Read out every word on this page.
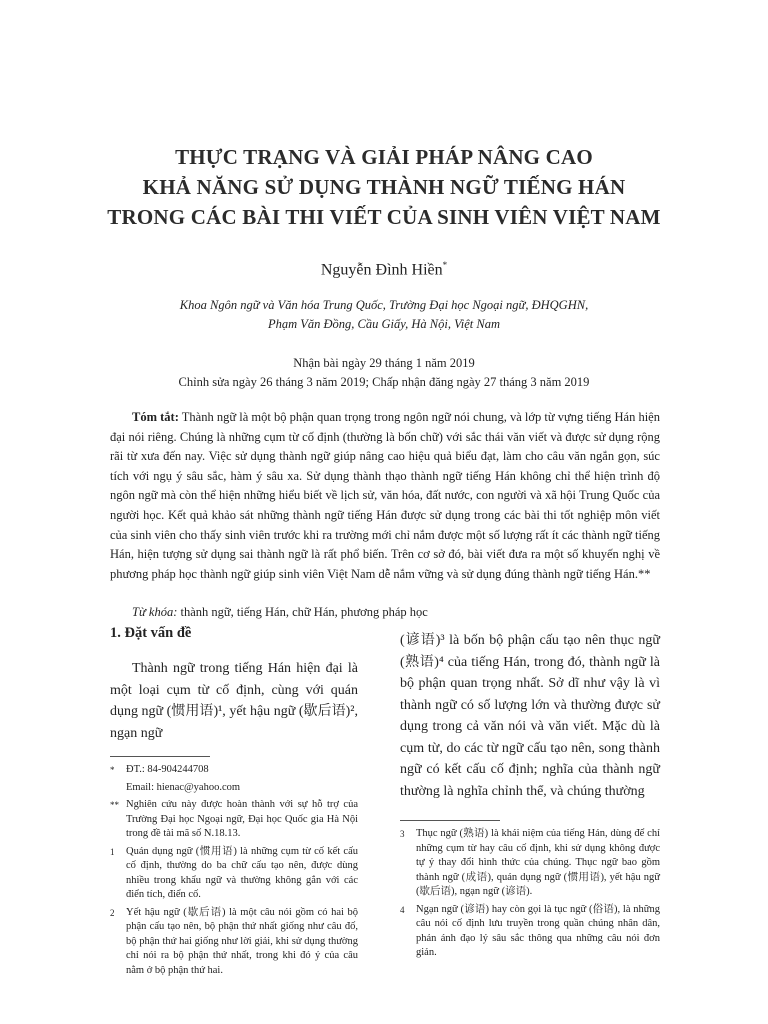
THỰC TRẠNG VÀ GIẢI PHÁP NÂNG CAO
KHẢ NĂNG SỬ DỤNG THÀNH NGỮ TIẾNG HÁN
TRONG CÁC BÀI THI VIẾT CỦA SINH VIÊN VIỆT NAM
Nguyễn Đình Hiền*
Khoa Ngôn ngữ và Văn hóa Trung Quốc, Trường Đại học Ngoại ngữ, ĐHQGHN,
Phạm Văn Đồng, Cầu Giấy, Hà Nội, Việt Nam
Nhận bài ngày 29 tháng 1 năm 2019
Chỉnh sửa ngày 26 tháng 3 năm 2019; Chấp nhận đăng ngày 27 tháng 3 năm 2019
Tóm tắt: Thành ngữ là một bộ phận quan trọng trong ngôn ngữ nói chung, và lớp từ vựng tiếng Hán hiện đại nói riêng. Chúng là những cụm từ cố định (thường là bốn chữ) với sắc thái văn viết và được sử dụng rộng rãi từ xưa đến nay. Việc sử dụng thành ngữ giúp nâng cao hiệu quả biểu đạt, làm cho câu văn ngắn gọn, súc tích với ngụ ý sâu sắc, hàm ý sâu xa. Sử dụng thành thạo thành ngữ tiếng Hán không chỉ thể hiện trình độ ngôn ngữ mà còn thể hiện những hiểu biết về lịch sử, văn hóa, đất nước, con người và xã hội Trung Quốc của người học. Kết quả khảo sát những thành ngữ tiếng Hán được sử dụng trong các bài thi tốt nghiệp môn viết của sinh viên cho thấy sinh viên trước khi ra trường mới chỉ nắm được một số lượng rất ít các thành ngữ tiếng Hán, hiện tượng sử dụng sai thành ngữ là rất phổ biến. Trên cơ sở đó, bài viết đưa ra một số khuyến nghị về phương pháp học thành ngữ giúp sinh viên Việt Nam dễ nắm vững và sử dụng đúng thành ngữ tiếng Hán.**
Từ khóa: thành ngữ, tiếng Hán, chữ Hán, phương pháp học
1. Đặt vấn đề
Thành ngữ trong tiếng Hán hiện đại là một loại cụm từ cố định, cùng với quán dụng ngữ (惯用语)¹, yết hậu ngữ (歇后语)², ngạn ngữ
* ĐT.: 84-904244708
Email: hienac@yahoo.com
** Nghiên cứu này được hoàn thành với sự hỗ trợ của Trường Đại học Ngoại ngữ, Đại học Quốc gia Hà Nội trong đề tài mã số N.18.13.
1 Quán dụng ngữ (惯用语) là những cụm từ cố kết cấu cố định, thường do ba chữ cấu tạo nên, được dùng nhiều trong khẩu ngữ và thường không gắn với các điển tích, điển cố.
2 Yết hậu ngữ (歇后语) là một câu nói gồm có hai bộ phận cấu tạo nên, bộ phận thứ nhất giống như câu đố, bộ phận thứ hai giống như lời giải, khi sử dụng thường chỉ nói ra bộ phận thứ nhất, trong khi đó ý của câu nằm ở bộ phận thứ hai.
(谚语)³ là bốn bộ phận cấu tạo nên thục ngữ (熟语)⁴ của tiếng Hán, trong đó, thành ngữ là bộ phận quan trọng nhất. Sở dĩ như vậy là vì thành ngữ có số lượng lớn và thường được sử dụng trong cả văn nói và văn viết. Mặc dù là cụm từ, do các từ ngữ cấu tạo nên, song thành ngữ có kết cấu cố định; nghĩa của thành ngữ thường là nghĩa chỉnh thể, và chúng thường
3 Thục ngữ (熟语) là khái niệm của tiếng Hán, dùng để chỉ những cụm từ hay câu cố định, khi sử dụng không được tự ý thay đổi hình thức của chúng. Thục ngữ bao gồm thành ngữ (成语), quán dụng ngữ (惯用语), yết hậu ngữ (歇后语), ngạn ngữ (谚语).
4 Ngạn ngữ (谚语) hay còn gọi là tục ngữ (俗语), là những câu nói cố định lưu truyền trong quần chúng nhân dân, phản ánh đạo lý sâu sắc thông qua những câu nói đơn giản.
